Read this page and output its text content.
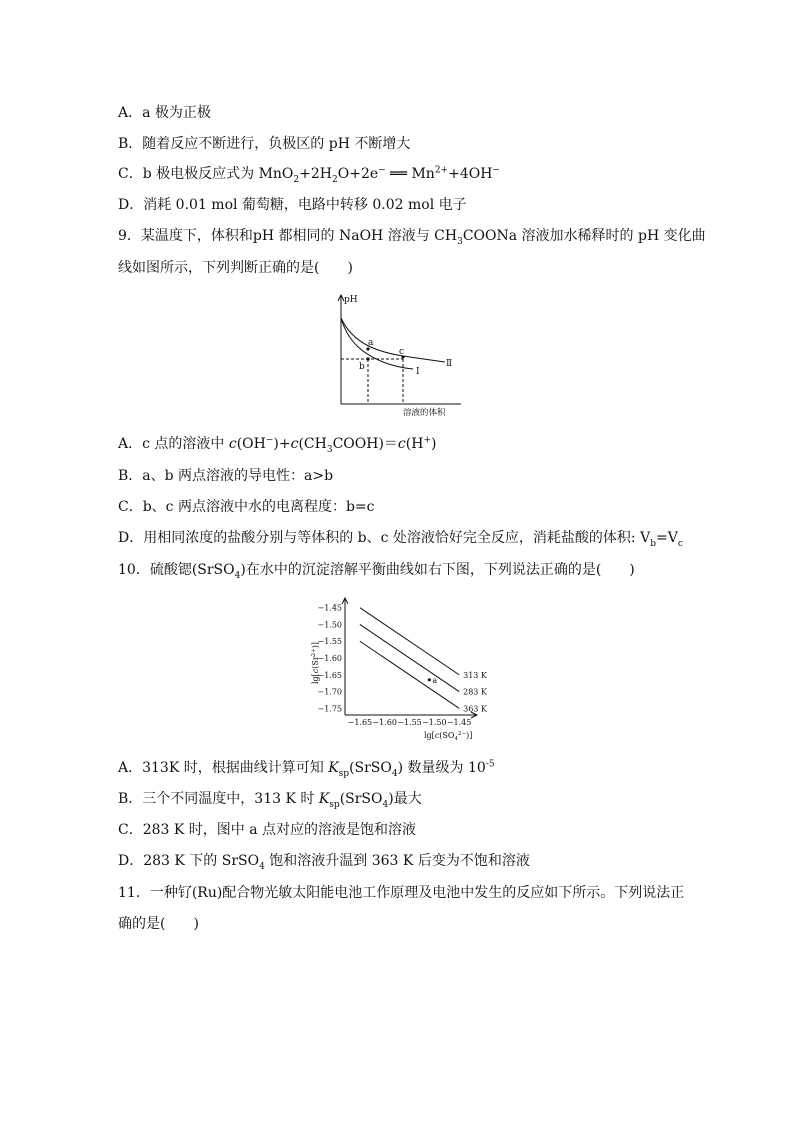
A．a 极为正极
B．随着反应不断进行，负极区的 pH 不断增大
C．b 极电极反应式为 $MnO_2+2H_2O+2e^-$ ══ $Mn^{2+}+4OH^-$
D．消耗 0.01 mol 葡萄糖，电路中转移 0.02 mol 电子
9．某温度下，体积和pH 都相同的 NaOH 溶液与 $CH_3COONa$ 溶液加水稀释时的 pH 变化曲
线如图所示，下列判断正确的是(　　)
pH
a
b
c
Ⅱ
Ⅰ
溶液的体积
A．c 点的溶液中 $c(OH^-)+c(CH_3COOH)=c(H^+)$
B．a、b 两点溶液的导电性：a>b
C．b、c 两点溶液中水的电离程度：b=c
D．用相同浓度的盐酸分别与等体积的 b、c 处溶液恰好完全反应，消耗盐酸的体积: $V_b=V_c$
10．硫酸锶(SrSO$_4$)在水中的沉淀溶解平衡曲线如右下图，下列说法正确的是(　　)
313 K
283 K
363 K
a
−1.45
−1.50
−1.55
−1.60
−1.65
−1.70
−1.75
−1.65 −1.60 −1.55 −1.50 −1.45
$\lg[c(Sr^{2+})]$
$\lg[c(SO_4^{2-})]$
A．313K 时，根据曲线计算可知 $K_{sp}(SrSO_4)$ 数量级为 $10^{-5}$
B．三个不同温度中，313 K 时 $K_{sp}(SrSO_4)$最大
C．283 K 时，图中 a 点对应的溶液是饱和溶液
D．283 K 下的 SrSO$_4$ 饱和溶液升温到 363 K 后变为不饱和溶液
11．一种钌(Ru)配合物光敏太阳能电池工作原理及电池中发生的反应如下所示。下列说法正
确的是(　　)
